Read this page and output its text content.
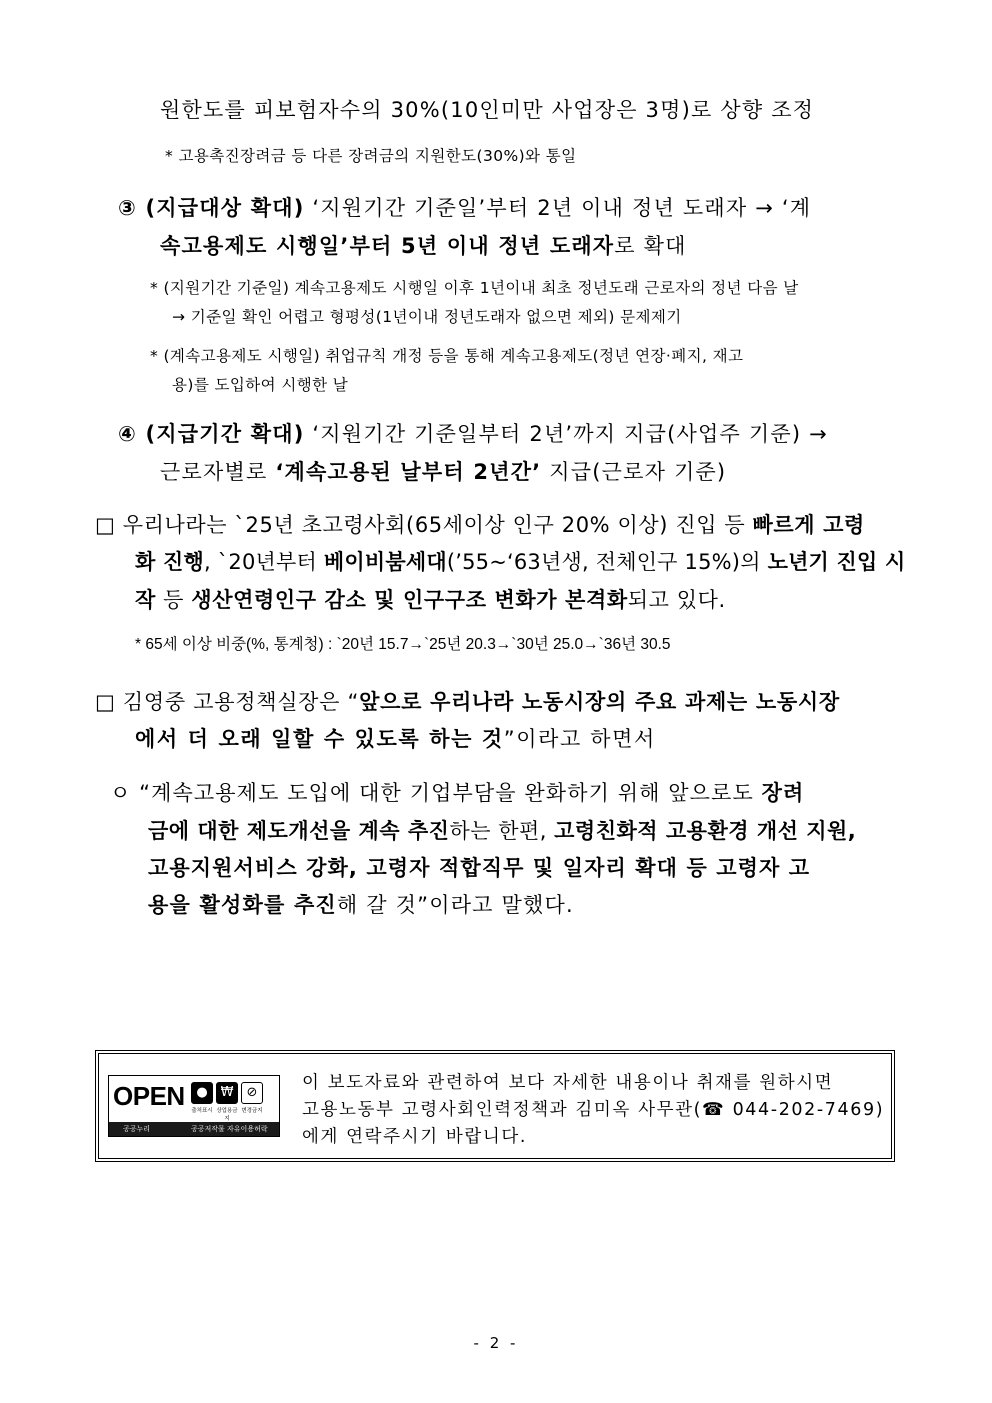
원한도를 피보험자수의 30%(10인미만 사업장은 3명)로 상향 조정
* 고용촉진장려금 등 다른 장려금의 지원한도(30%)와 통일
③ (지급대상 확대) ‘지원기간 기준일’부터 2년 이내 정년 도래자 → ‘계
속고용제도 시행일’부터 5년 이내 정년 도래자로 확대
* (지원기간 기준일) 계속고용제도 시행일 이후 1년이내 최초 정년도래 근로자의 정년 다음 날
→ 기준일 확인 어렵고 형평성(1년이내 정년도래자 없으면 제외) 문제제기
* (계속고용제도 시행일) 취업규칙 개정 등을 통해 계속고용제도(정년 연장·폐지, 재고
용)를 도입하여 시행한 날
④ (지급기간 확대) ‘지원기간 기준일부터 2년’까지 지급(사업주 기준) →
근로자별로 ‘계속고용된 날부터 2년간’ 지급(근로자 기준)
□ 우리나라는 `25년 초고령사회(65세이상 인구 20% 이상) 진입 등 빠르게 고령
화 진행, `20년부터 베이비붐세대(’55~‘63년생, 전체인구 15%)의 노년기 진입 시
작 등 생산연령인구 감소 및 인구구조 변화가 본격화되고 있다.
* 65세 이상 비중(%, 통계청) : `20년 15.7→`25년 20.3→`30년 25.0→`36년 30.5
□ 김영중 고용정책실장은 “앞으로 우리나라 노동시장의 주요 과제는 노동시장
에서 더 오래 일할 수 있도록 하는 것”이라고 하면서
ㅇ “계속고용제도 도입에 대한 기업부담을 완화하기 위해 앞으로도 장려
금에 대한 제도개선을 계속 추진하는 한편, 고령친화적 고용환경 개선 지원,
고용지원서비스 강화, 고령자 적합직무 및 일자리 확대 등 고령자 고
용을 활성화를 추진해 갈 것”이라고 말했다.
OPEN ● ₩	⊘
출처표시 상업용금지
변경금지
공공누리	공공저작물 자유이용허락
이 보도자료와 관련하여 보다 자세한 내용이나 취재를 원하시면
고용노동부 고령사회인력정책과 김미옥 사무관(☎ 044-202-7469)
에게 연락주시기 바랍니다.
- 2 -
